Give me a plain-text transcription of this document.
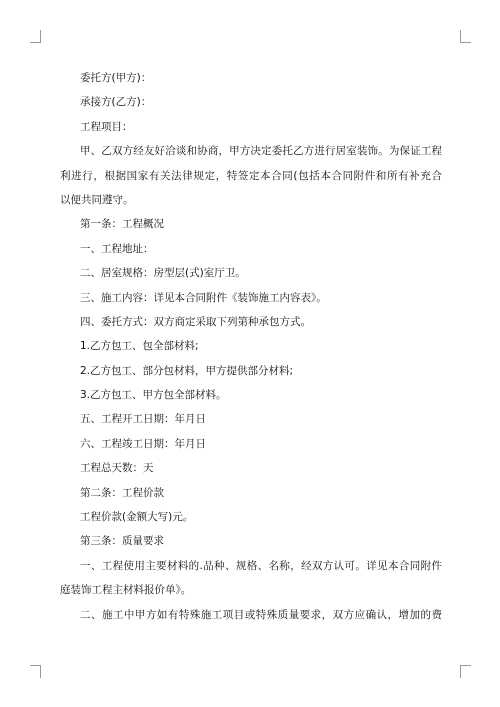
委托方(甲方)：
承接方(乙方)：
工程项目：
甲、乙双方经友好洽谈和协商，甲方决定委托乙方进行居室装饰。为保证工程
利进行，根据国家有关法律规定，特签定本合同(包括本合同附件和所有补充合
以便共同遵守。
第一条：工程概况
一、工程地址：
二、居室规格：房型层(式)室厅卫。
三、施工内容：详见本合同附件《装饰施工内容表》。
四、委托方式：双方商定采取下列第种承包方式。
1.乙方包工、包全部材料;
2.乙方包工、部分包材料，甲方提供部分材料;
3.乙方包工、甲方包全部材料。
五、工程开工日期：年月日
六、工程竣工日期：年月日
工程总天数：天
第二条：工程价款
工程价款(金额大写)元。
第三条：质量要求
一、工程使用主要材料的.品种、规格、名称，经双方认可。详见本合同附件
庭装饰工程主材料报价单》。
二、施工中甲方如有特殊施工项目或特殊质量要求，双方应确认，增加的费
